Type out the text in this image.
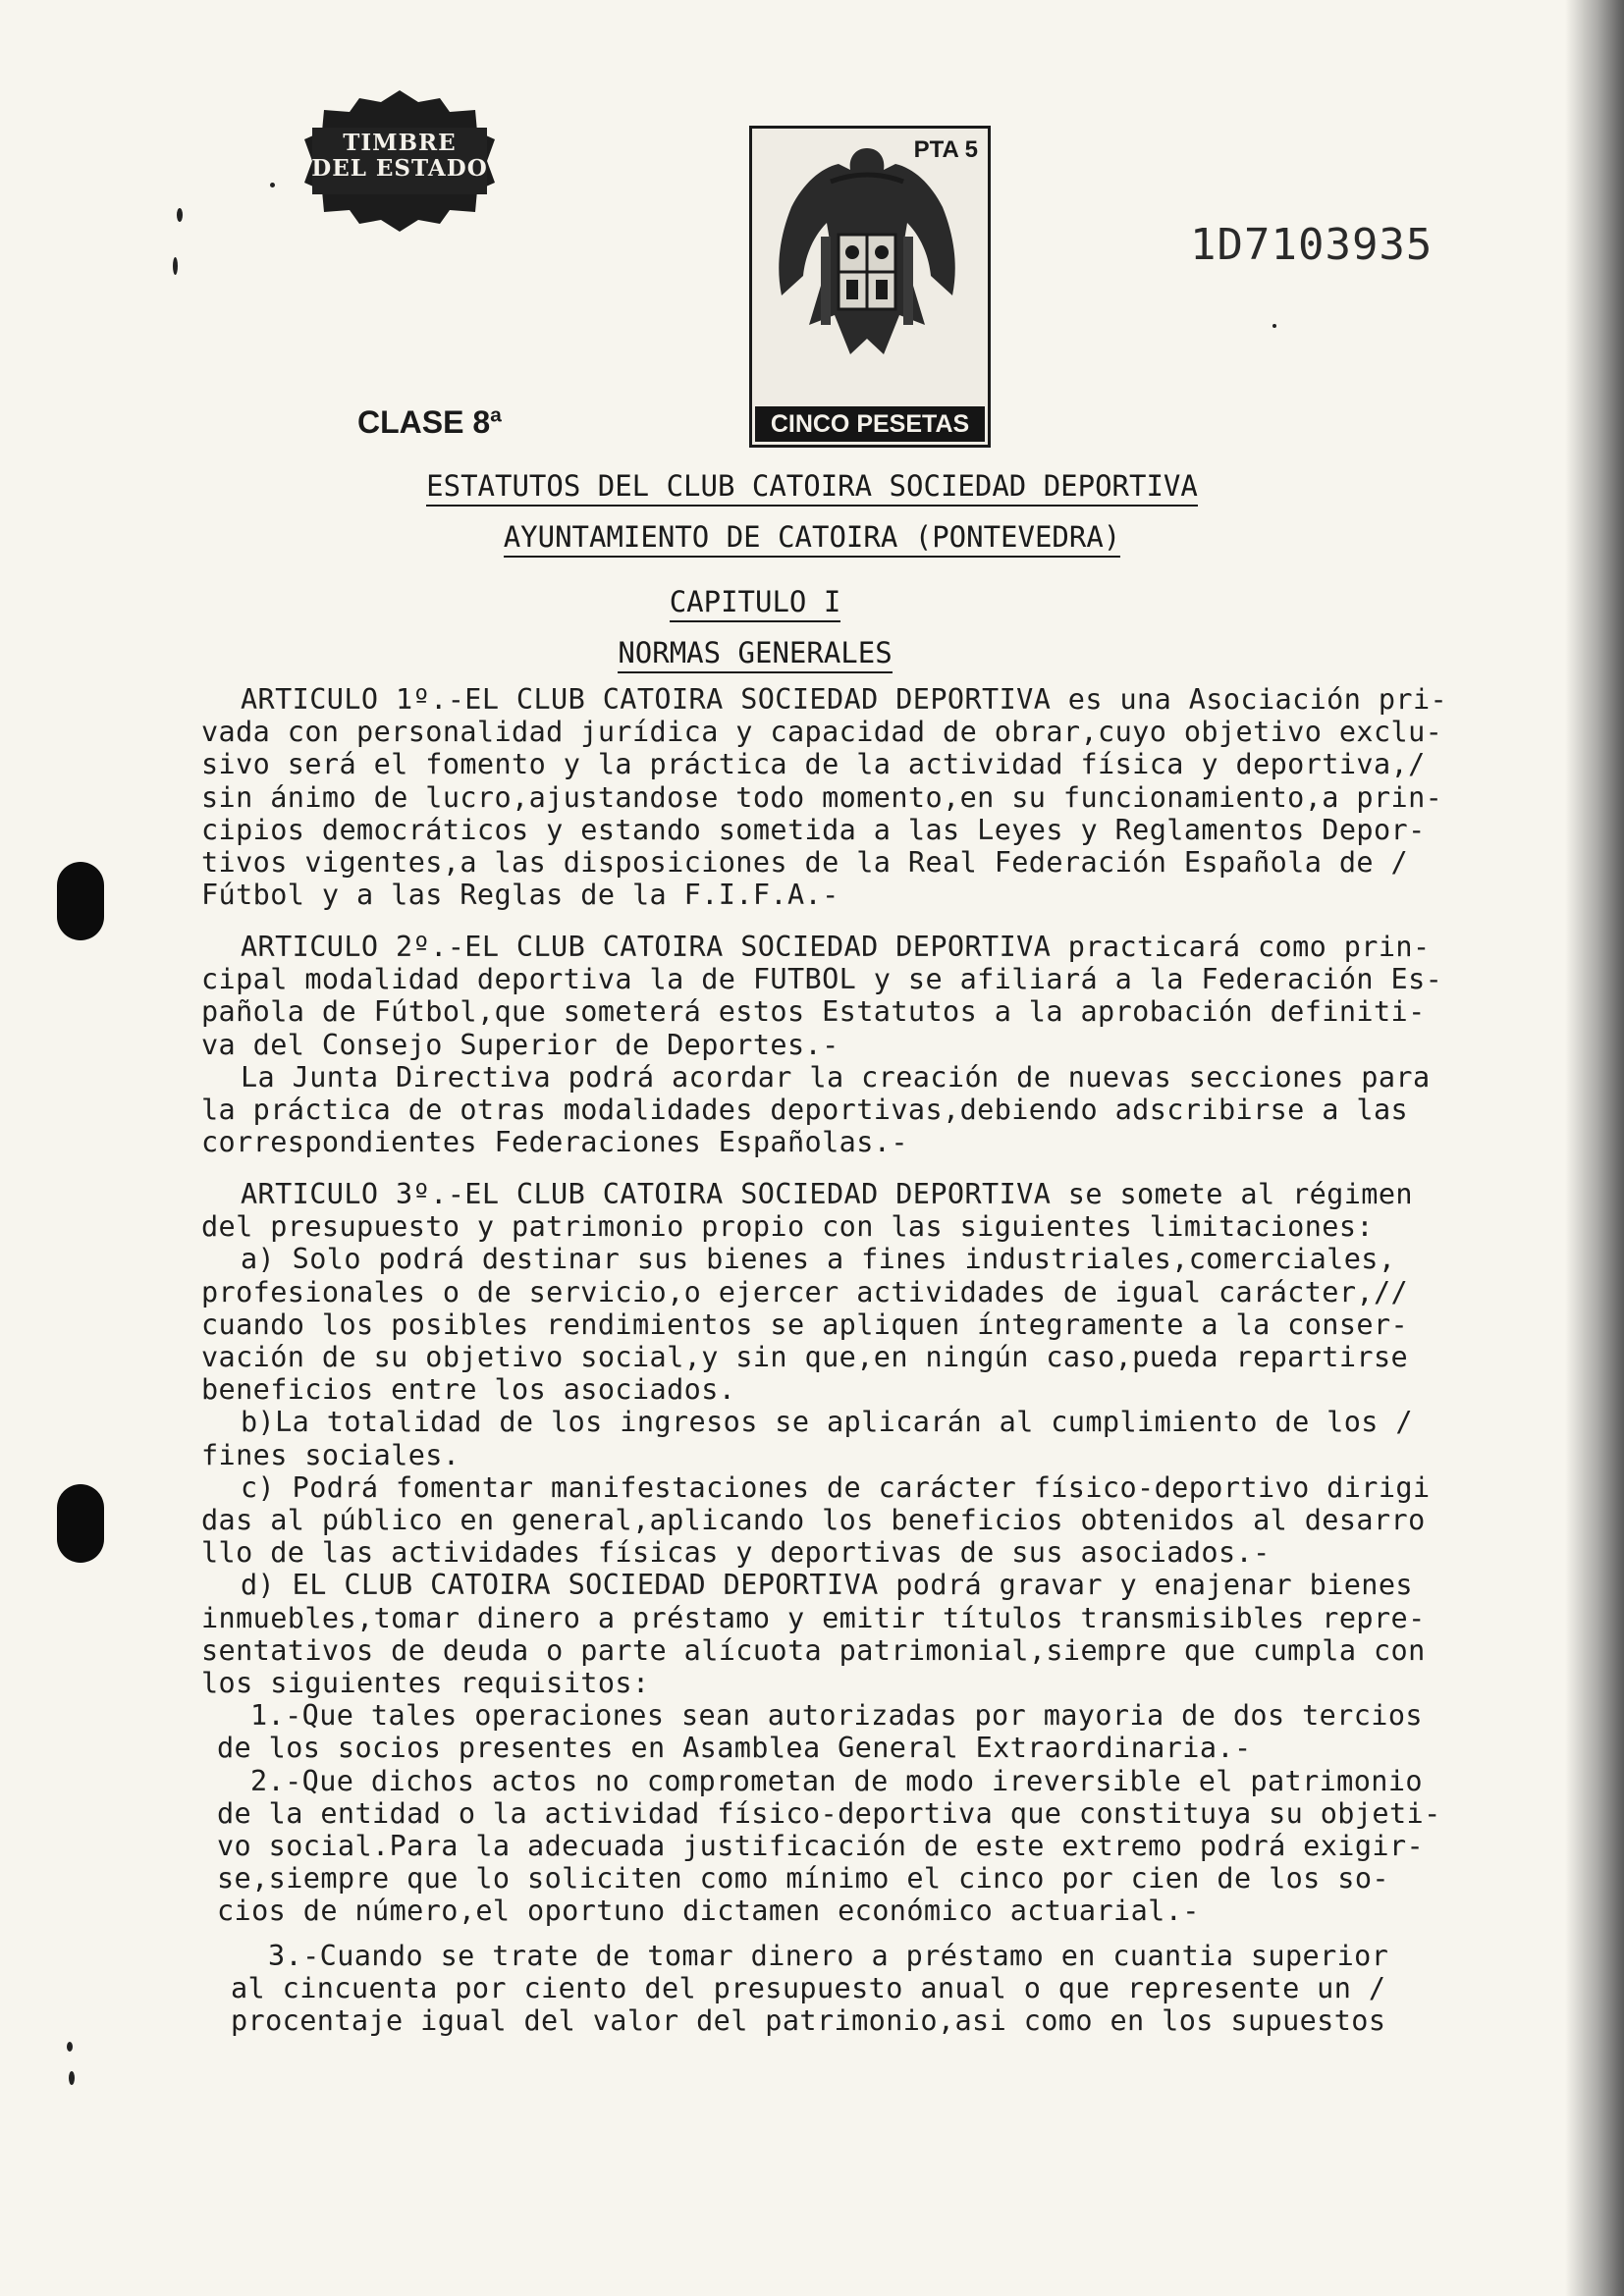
TIMBRE
DEL ESTADO
PTA 5
CINCO PESETAS
1D7103935
CLASE 8ª
ESTATUTOS DEL CLUB CATOIRA SOCIEDAD DEPORTIVA
AYUNTAMIENTO DE CATOIRA (PONTEVEDRA)
CAPITULO I
NORMAS GENERALES

ARTICULO 1º.-EL CLUB CATOIRA SOCIEDAD DEPORTIVA es una Asociación pri-

vada con personalidad jurídica y capacidad de obrar,cuyo objetivo exclu-

sivo será el fomento y la práctica de la actividad física y deportiva,/

sin ánimo de lucro,ajustandose todo momento,en su funcionamiento,a prin-

cipios democráticos y estando sometida a las Leyes y Reglamentos Depor-

tivos vigentes,a las disposiciones de la Real Federación Española de /

Fútbol y a las Reglas de la F.I.F.A.-

ARTICULO 2º.-EL CLUB CATOIRA SOCIEDAD DEPORTIVA practicará como prin-

cipal modalidad deportiva la de FUTBOL y se afiliará a la Federación Es-

pañola de Fútbol,que someterá estos Estatutos a la aprobación definiti-

va del Consejo Superior de Deportes.-

La Junta Directiva podrá acordar la creación de nuevas secciones para

la práctica de otras modalidades deportivas,debiendo adscribirse a las

correspondientes Federaciones Españolas.-

ARTICULO 3º.-EL CLUB CATOIRA SOCIEDAD DEPORTIVA se somete al régimen

del presupuesto y patrimonio propio con las siguientes limitaciones:

a) Solo podrá destinar sus bienes a fines industriales,comerciales,

profesionales o de servicio,o ejercer actividades de igual carácter,//

cuando los posibles rendimientos se apliquen íntegramente a la conser-

vación de su objetivo social,y sin que,en ningún caso,pueda repartirse

beneficios entre los asociados.

b)La totalidad de los ingresos se aplicarán al cumplimiento de los /

fines sociales.

c) Podrá fomentar manifestaciones de carácter físico-deportivo dirigi

das al público en general,aplicando los beneficios obtenidos al desarro

llo de las actividades físicas y deportivas de sus asociados.-

d) EL CLUB CATOIRA SOCIEDAD DEPORTIVA podrá gravar y enajenar bienes

inmuebles,tomar dinero a préstamo y emitir títulos transmisibles repre-

sentativos de deuda o parte alícuota patrimonial,siempre que cumpla con

los siguientes requisitos:

1.-Que tales operaciones sean autorizadas por mayoria de dos tercios

de los socios presentes en Asamblea General Extraordinaria.-

2.-Que dichos actos no comprometan de modo ireversible el patrimonio

de la entidad o la actividad físico-deportiva que constituya su objeti-

vo social.Para la adecuada justificación de este extremo podrá exigir-

se,siempre que lo soliciten como mínimo el cinco por cien de los so-

cios de número,el oportuno dictamen económico actuarial.-

3.-Cuando se trate de tomar dinero a préstamo en cuantia superior

al cincuenta por ciento del presupuesto anual o que represente un /

procentaje igual del valor del patrimonio,asi como en los supuestos
